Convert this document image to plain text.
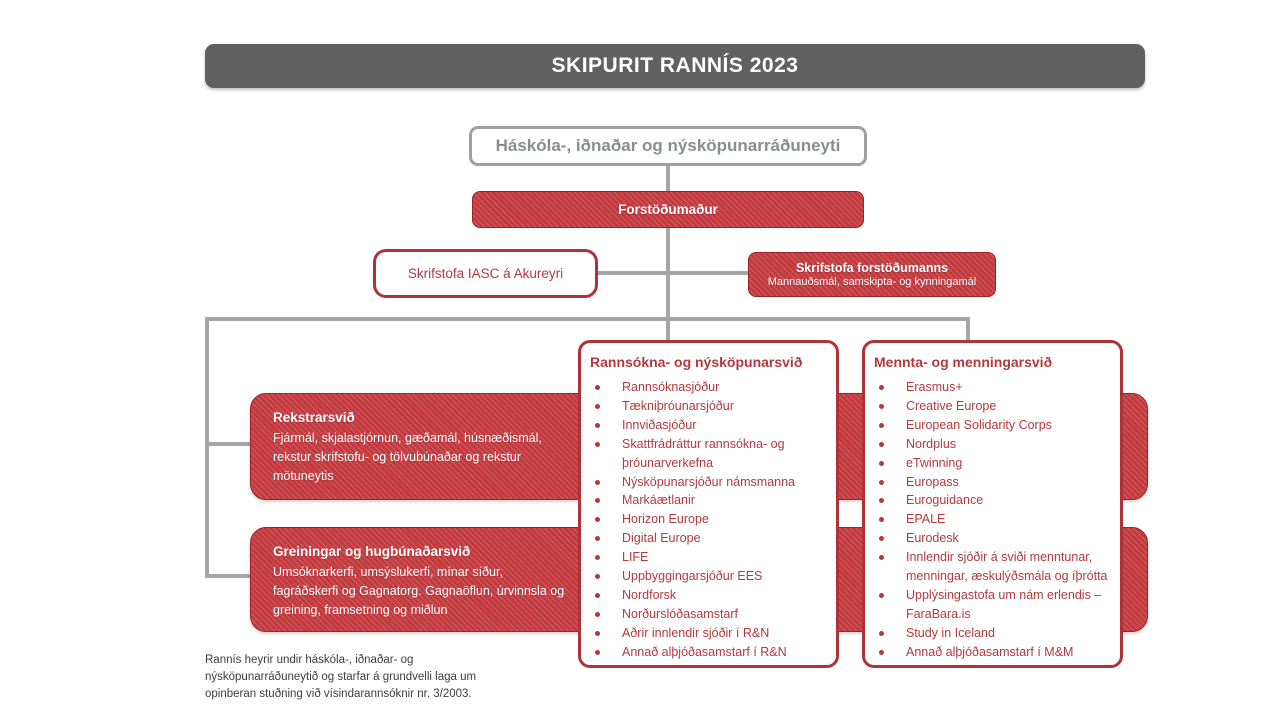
SKIPURIT RANNÍS 2023
Háskóla-, iðnaðar og nýsköpunarráðuneyti
Forstöðumaður
Skrifstofa IASC á Akureyri	Skrifstofa forstöðumanns
Mannauðsmál, samskipta- og kynningamál
Rekstrarsvið
Fjármál, skjalastjórnun, gæðamál, húsnæðismál, rekstur skrifstofu- og tölvubúnaðar og rekstur mötuneytis
Greiningar og hugbúnaðarsvið
Umsóknarkerfi, umsýslukerfi, mínar síður, fagráðskerfi og Gagnatorg. Gagnaöflun, úrvinnsla og greining, framsetning og miðlun
Rannsókna- og nýsköpunarsvið
Rannsóknasjóður
Tækniþróunarsjóður
Innviðasjóður
Skattfrádráttur rannsókna- og þróunarverkefna
Nýsköpunarsjóður námsmanna
Markáætlanir
Horizon Europe
Digital Europe
LIFE
Uppbyggingarsjóður EES
Nordforsk
Norðurslóðasamstarf
Aðrir innlendir sjóðir í R&N
Annað alþjóðasamstarf í R&N
Mennta- og menningarsvið
Erasmus+
Creative Europe
European Solidarity Corps
Nordplus
eTwinning
Europass
Euroguidance
EPALE
Eurodesk
Innlendir sjóðir á sviði menntunar, menningar, æskulýðsmála og íþrótta
Upplýsingastofa um nám erlendis – FaraBara.is
Study in Iceland
Annað alþjóðasamstarf í M&M
Rannís heyrir undir háskóla-, iðnaðar- og nýsköpunarráðuneytið og starfar á grundvelli laga um opinberan stuðning við vísindarannsóknir nr. 3/2003.
